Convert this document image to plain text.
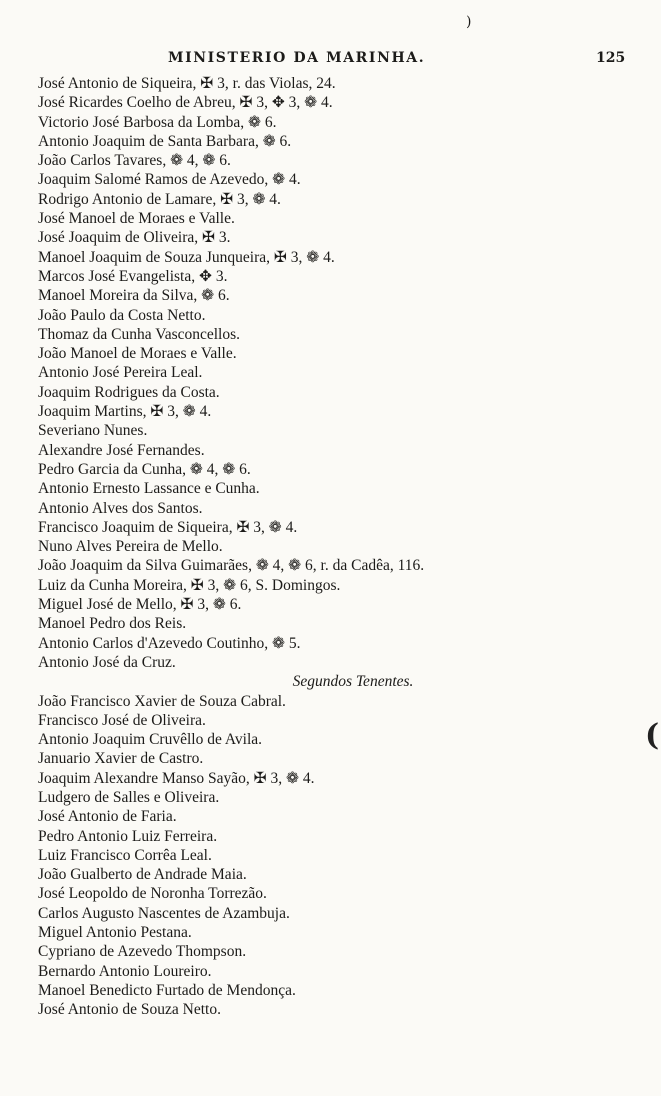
)
MINISTERIO DA MARINHA.	125
José Antonio de Siqueira, ✠ 3, r. das Violas, 24.
José Ricardes Coelho de Abreu, ✠ 3, ✥ 3, ❁ 4.
Victorio José Barbosa da Lomba, ❁ 6.
Antonio Joaquim de Santa Barbara, ❁ 6.
João Carlos Tavares, ❁ 4, ❁ 6.
Joaquim Salomé Ramos de Azevedo, ❁ 4.
Rodrigo Antonio de Lamare, ✠ 3, ❁ 4.
José Manoel de Moraes e Valle.
José Joaquim de Oliveira, ✠ 3.
Manoel Joaquim de Souza Junqueira, ✠ 3, ❁ 4.
Marcos José Evangelista, ✥ 3.
Manoel Moreira da Silva, ❁ 6.
João Paulo da Costa Netto.
Thomaz da Cunha Vasconcellos.
João Manoel de Moraes e Valle.
Antonio José Pereira Leal.
Joaquim Rodrigues da Costa.
Joaquim Martins, ✠ 3, ❁ 4.
Severiano Nunes.
Alexandre José Fernandes.
Pedro Garcia da Cunha, ❁ 4, ❁ 6.
Antonio Ernesto Lassance e Cunha.
Antonio Alves dos Santos.
Francisco Joaquim de Siqueira, ✠ 3, ❁ 4.
Nuno Alves Pereira de Mello.
João Joaquim da Silva Guimarães, ❁ 4, ❁ 6, r. da Cadêa, 116.
Luiz da Cunha Moreira, ✠ 3, ❁ 6, S. Domingos.
Miguel José de Mello, ✠ 3, ❁ 6.
Manoel Pedro dos Reis.
Antonio Carlos d'Azevedo Coutinho, ❁ 5.
Antonio José da Cruz.
Segundos Tenentes.
João Francisco Xavier de Souza Cabral.
Francisco José de Oliveira.
Antonio Joaquim Cruvêllo de Avila.
Januario Xavier de Castro.
Joaquim Alexandre Manso Sayão, ✠ 3, ❁ 4.
Ludgero de Salles e Oliveira.
José Antonio de Faria.
Pedro Antonio Luiz Ferreira.
Luiz Francisco Corrêa Leal.
João Gualberto de Andrade Maia.
José Leopoldo de Noronha Torrezão.
Carlos Augusto Nascentes de Azambuja.
Miguel Antonio Pestana.
Cypriano de Azevedo Thompson.
Bernardo Antonio Loureiro.
Manoel Benedicto Furtado de Mendonça.
José Antonio de Souza Netto.
(
